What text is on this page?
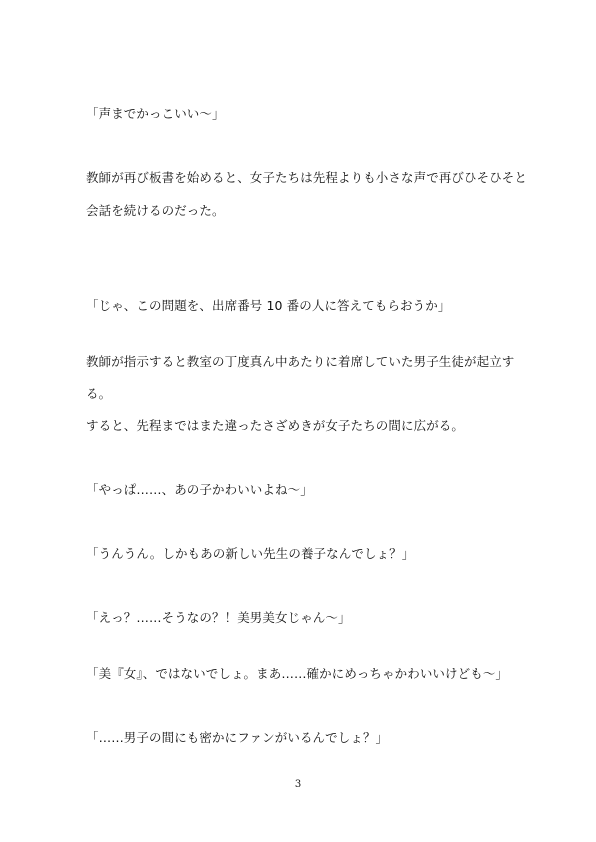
「声までかっこいい～」
教師が再び板書を始めると、女子たちは先程よりも小さな声で再びひそひそと
会話を続けるのだった。
「じゃ、この問題を、出席番号 10 番の人に答えてもらおうか」
教師が指示すると教室の丁度真ん中あたりに着席していた男子生徒が起立す
る。
すると、先程まではまた違ったさざめきが女子たちの間に広がる。
「やっぱ……、あの子かわいいよね～」
「うんうん。しかもあの新しい先生の養子なんでしょ？」
「えっ？……そうなの？！美男美女じゃん～」
「美『女』、ではないでしょ。まあ……確かにめっちゃかわいいけども～」
「……男子の間にも密かにファンがいるんでしょ？」
3
